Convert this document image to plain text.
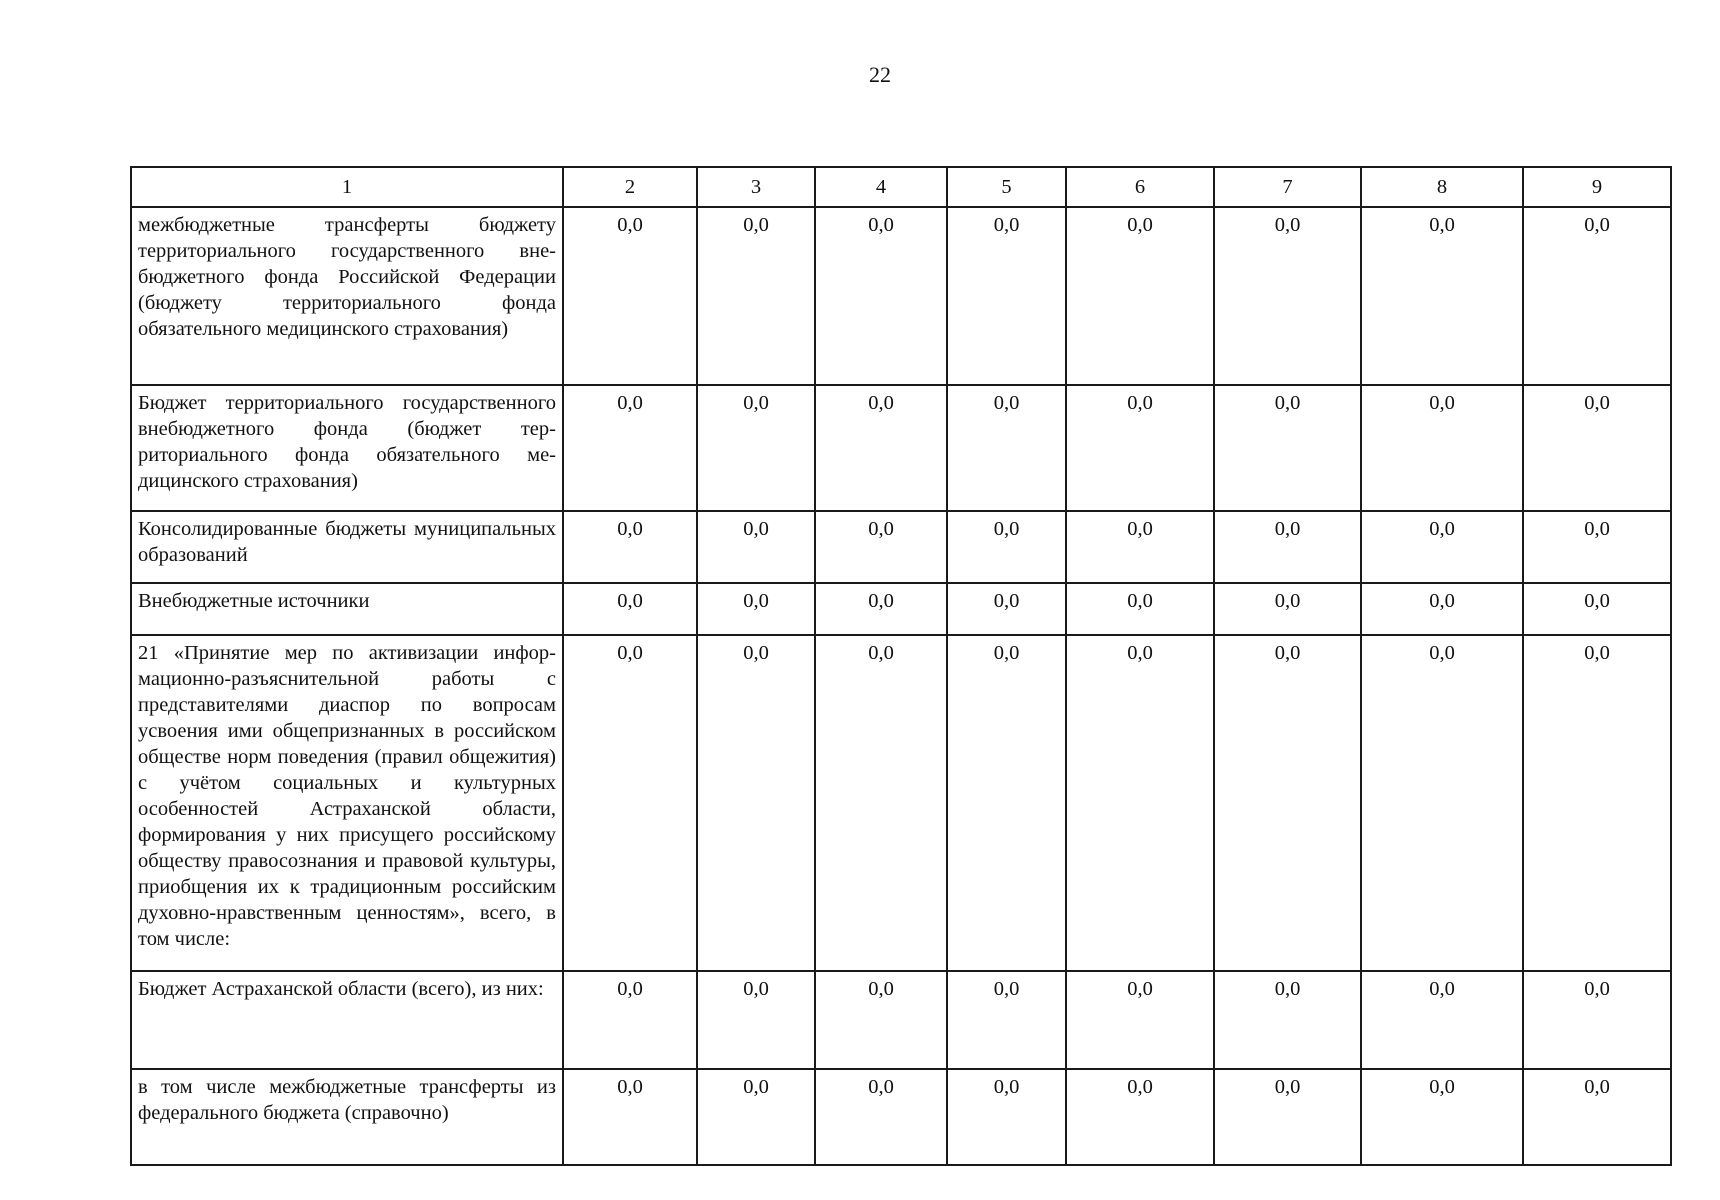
22
1	2	3	4	5	6	7	8	9
межбюджетные трансферты бюджету территориального государственного внебюджетного фонда Российской Федерации (бюджету территориального фонда обязательного медицинского страхования)	0,0	0,0	0,0	0,0	0,0	0,0	0,0	0,0
Бюджет территориального государственного внебюджетного фонда (бюджет территориального фонда обязательного медицинского страхования)	0,0	0,0	0,0	0,0	0,0	0,0	0,0	0,0
Консолидированные бюджеты муниципальных образований	0,0	0,0	0,0	0,0	0,0	0,0	0,0	0,0
Внебюджетные источники	0,0	0,0	0,0	0,0	0,0	0,0	0,0	0,0
21 «Принятие мер по активизации информационно-разъяснительной работы с представителями диаспор по вопросам усвоения ими общепризнанных в российском обществе норм поведения (правил общежития) с учётом социальных и культурных особенностей Астраханской области, формирования у них присущего российскому обществу правосознания и правовой культуры, приобщения их к традиционным российским духовно-нравственным ценностям», всего, в том числе:	0,0	0,0	0,0	0,0	0,0	0,0	0,0	0,0
Бюджет Астраханской области (всего), из них:	0,0	0,0	0,0	0,0	0,0	0,0	0,0	0,0
в том числе межбюджетные трансферты из федерального бюджета (справочно)	0,0	0,0	0,0	0,0	0,0	0,0	0,0	0,0
